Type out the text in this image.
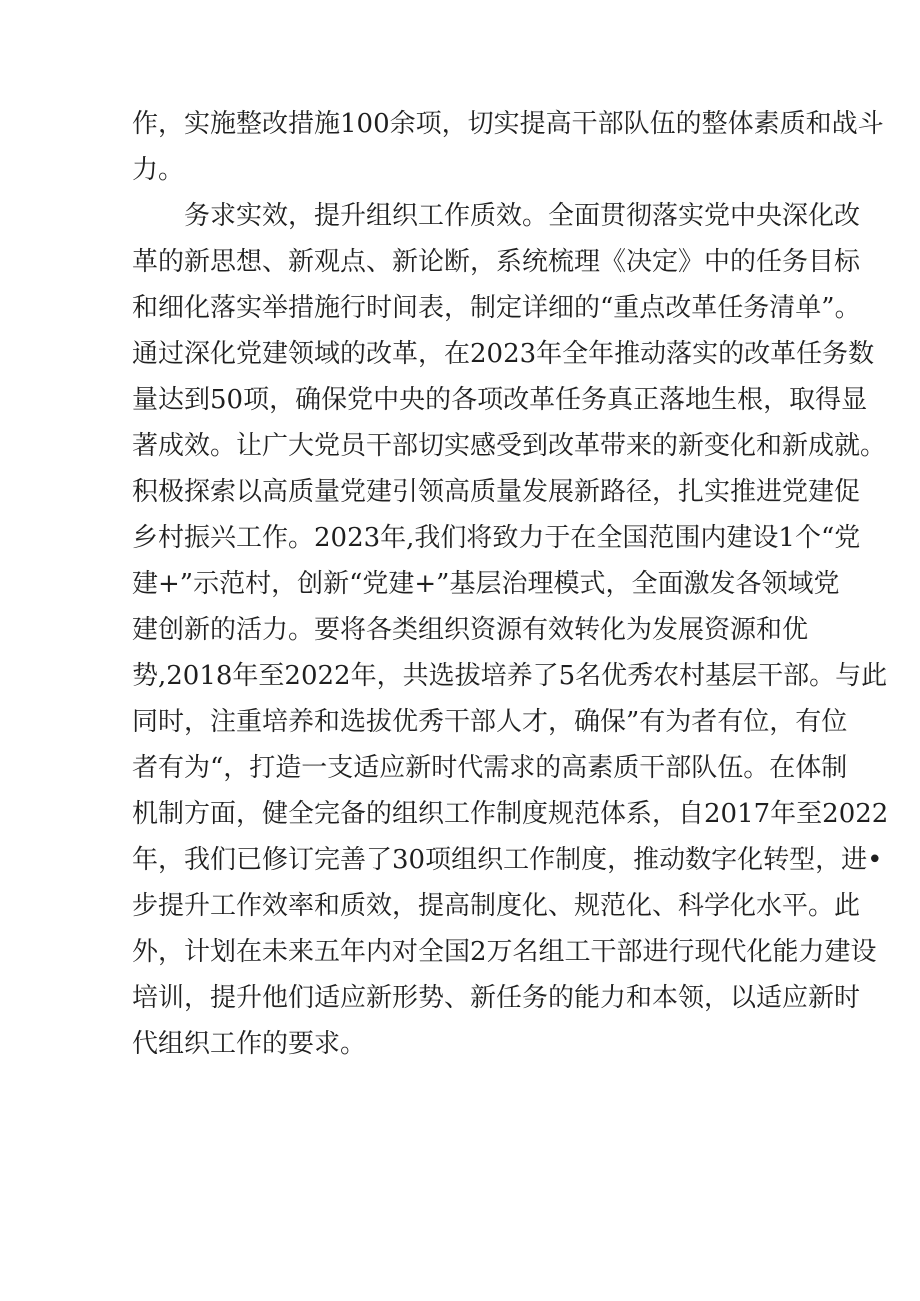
作，实施整改措施100余项，切实提高干部队伍的整体素质和战斗
力。
务求实效，提升组织工作质效。全面贯彻落实党中央深化改
革的新思想、新观点、新论断，系统梳理《决定》中的任务目标
和细化落实举措施行时间表，制定详细的“重点改革任务清单”。
通过深化党建领域的改革，在2023年全年推动落实的改革任务数
量达到50项，确保党中央的各项改革任务真正落地生根，取得显
著成效。让广大党员干部切实感受到改革带来的新变化和新成就。
积极探索以高质量党建引领高质量发展新路径，扎实推进党建促
乡村振兴工作。2023年,我们将致力于在全国范围内建设1个“党
建+”示范村，创新“党建+”基层治理模式，全面激发各领域党
建创新的活力。要将各类组织资源有效转化为发展资源和优
势,2018年至2022年，共选拔培养了5名优秀农村基层干部。与此
同时，注重培养和选拔优秀干部人才，确保”有为者有位，有位
者有为“，打造一支适应新时代需求的高素质干部队伍。在体制
机制方面，健全完备的组织工作制度规范体系，自2017年至2022
年，我们已修订完善了30项组织工作制度，推动数字化转型，进•
步提升工作效率和质效，提高制度化、规范化、科学化水平。此
外，计划在未来五年内对全国2万名组工干部进行现代化能力建设
培训，提升他们适应新形势、新任务的能力和本领，以适应新时
代组织工作的要求。
